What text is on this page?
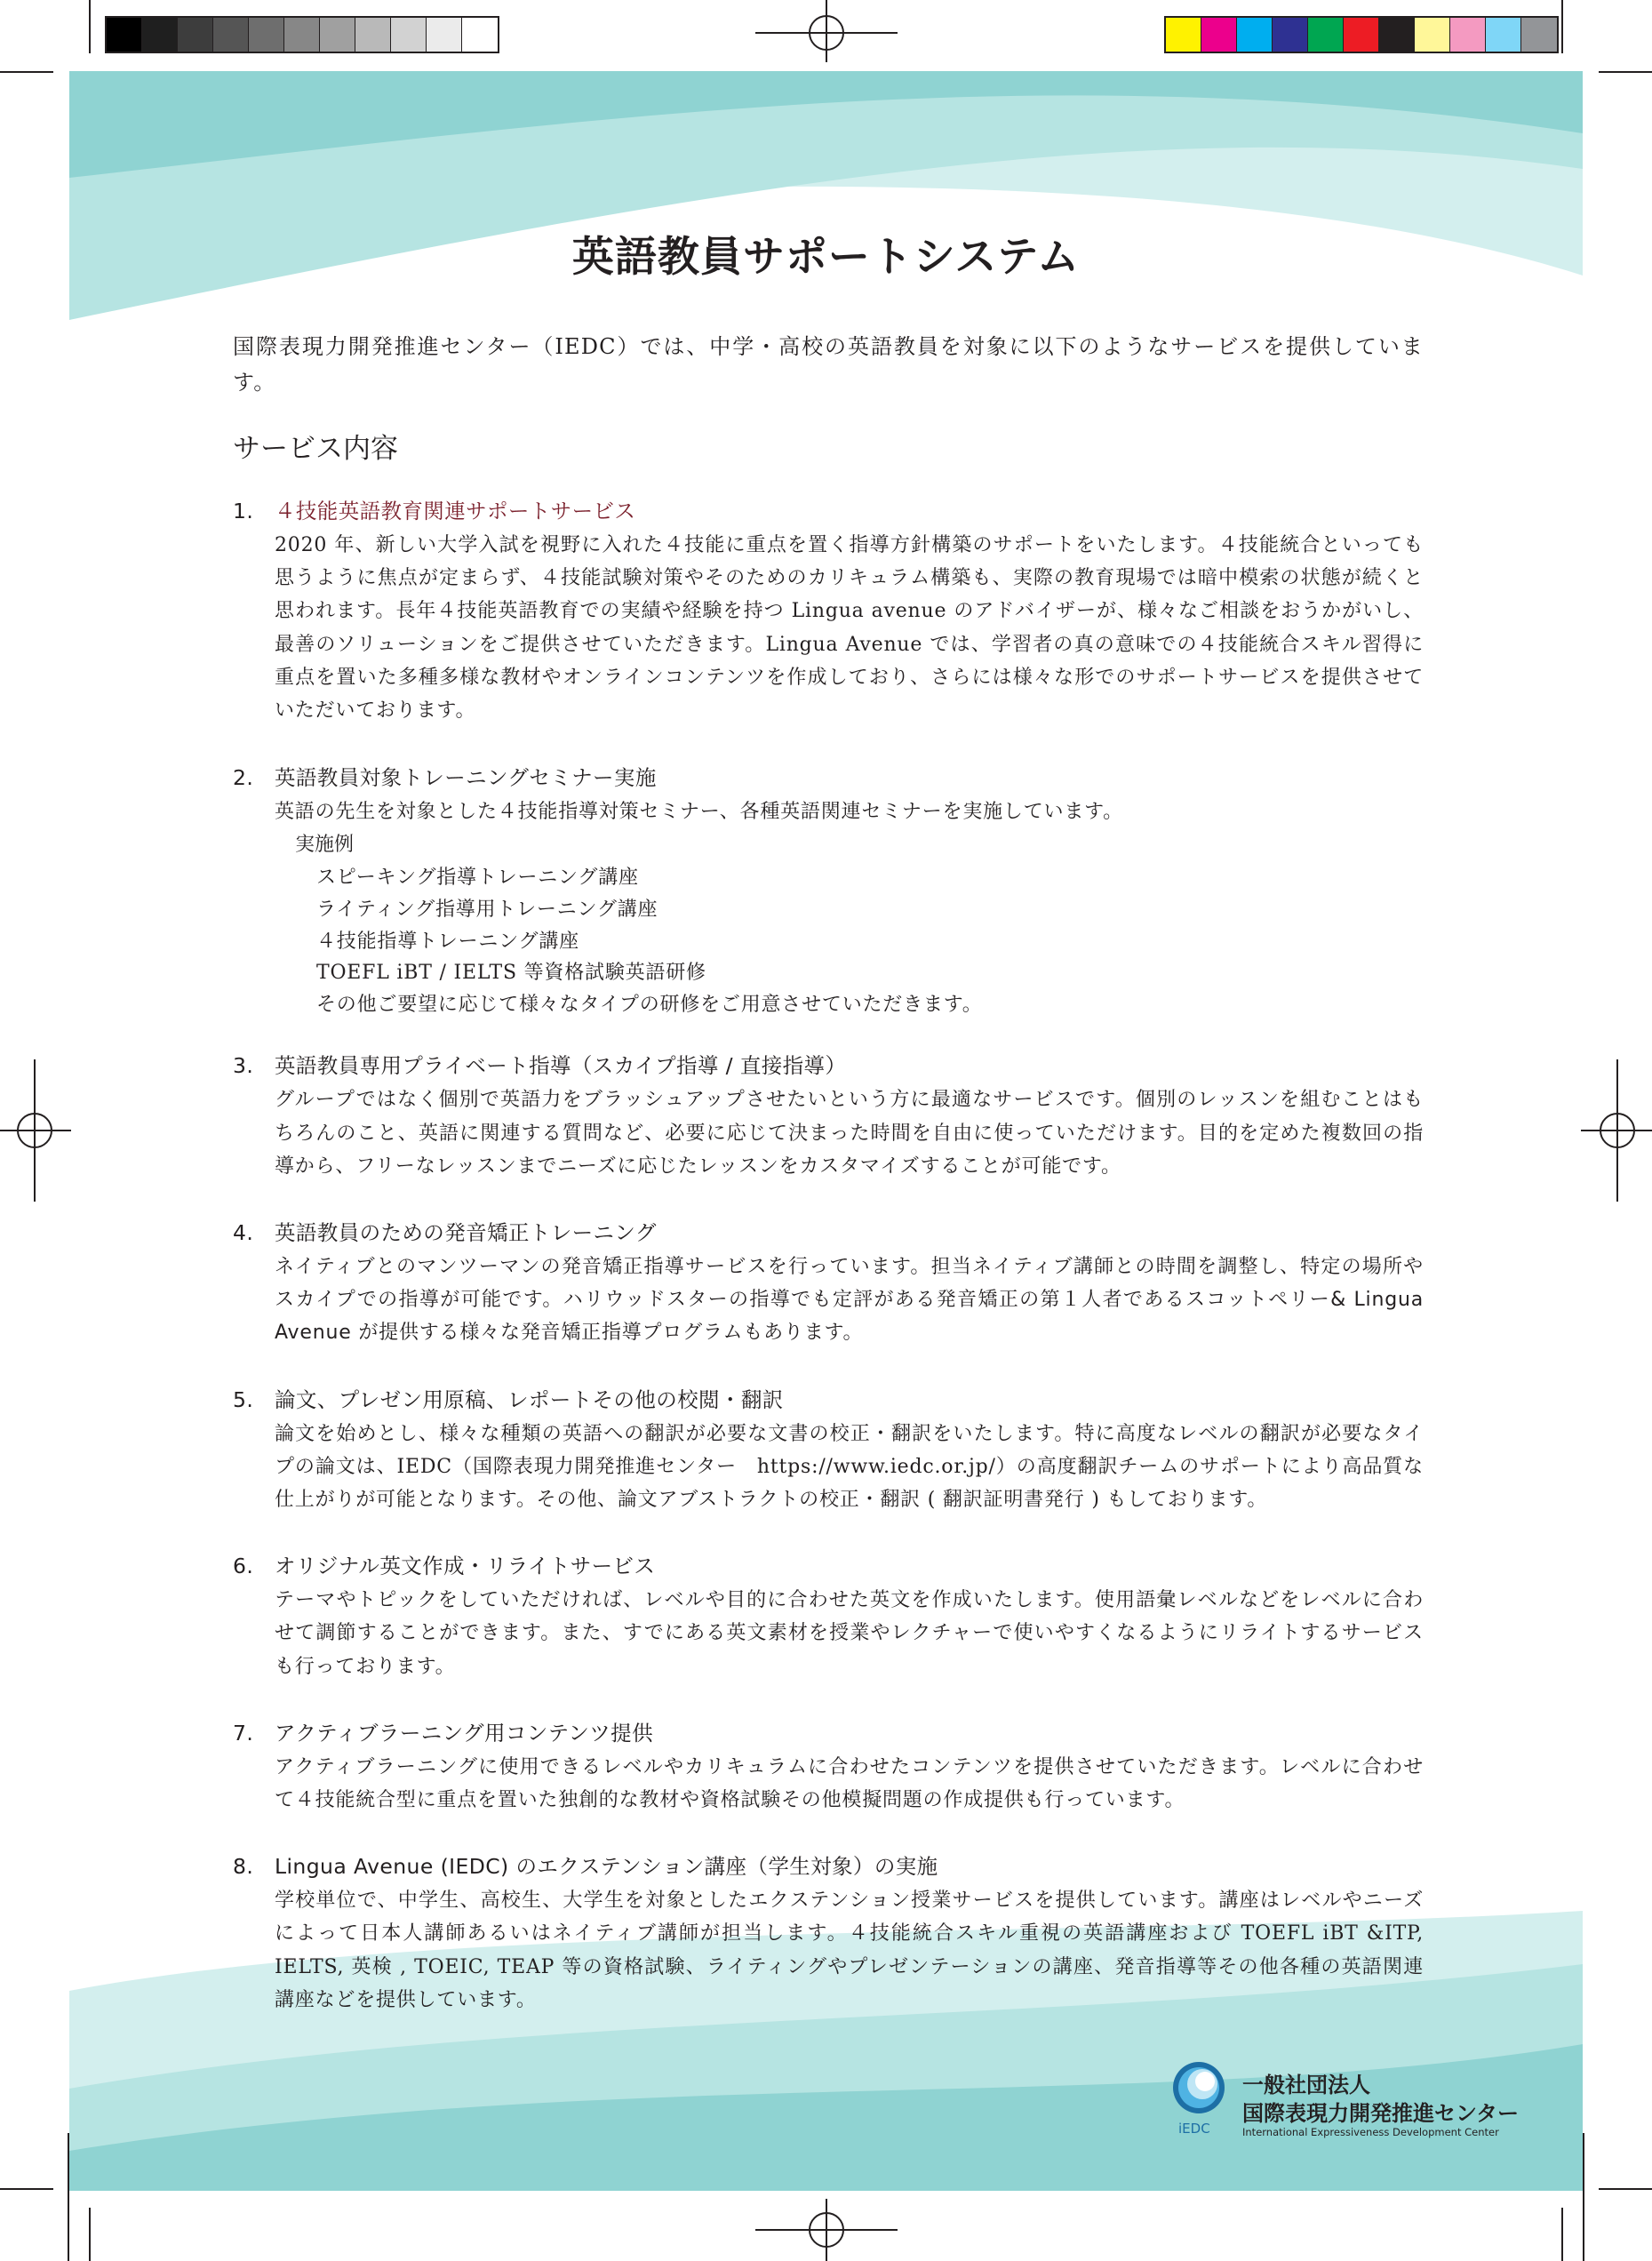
英語教員サポートシステム

国際表現力開発推進センター（IEDC）では、中学・高校の英語教員を対象に以下のようなサービスを提供しています。

サービス内容
1.	４技能英語教育関連サポートサービス

2020 年、新しい大学入試を視野に入れた４技能に重点を置く指導方針構築のサポートをいたします。４技能統合といっても思うように焦点が定まらず、４技能試験対策やそのためのカリキュラム構築も、実際の教育現場では暗中模索の状態が続くと思われます。長年４技能英語教育での実績や経験を持つ Lingua avenue のアドバイザーが、様々なご相談をおうかがいし、最善のソリューションをご提供させていただきます。Lingua Avenue では、学習者の真の意味での４技能統合スキル習得に重点を置いた多種多様な教材やオンラインコンテンツを作成しており、さらには様々な形でのサポートサービスを提供させていただいております。

2.	英語教員対象トレーニングセミナー実施

英語の先生を対象とした４技能指導対策セミナー、各種英語関連セミナーを実施しています。

実施例
スピーキング指導トレーニング講座
ライティング指導用トレーニング講座
４技能指導トレーニング講座
TOEFL iBT / IELTS 等資格試験英語研修
その他ご要望に応じて様々なタイプの研修をご用意させていただきます。
3.	英語教員専用プライベート指導（スカイプ指導 / 直接指導）

グループではなく個別で英語力をブラッシュアップさせたいという方に最適なサービスです。個別のレッスンを組むことはもちろんのこと、英語に関連する質問など、必要に応じて決まった時間を自由に使っていただけます。目的を定めた複数回の指導から、フリーなレッスンまでニーズに応じたレッスンをカスタマイズすることが可能です。

4.	英語教員のための発音矯正トレーニング

ネイティブとのマンツーマンの発音矯正指導サービスを行っています。担当ネイティブ講師との時間を調整し、特定の場所やスカイプでの指導が可能です。ハリウッドスターの指導でも定評がある発音矯正の第１人者であるスコットペリー& Lingua Avenue が提供する様々な発音矯正指導プログラムもあります。

5.	論文、プレゼン用原稿、レポートその他の校閲・翻訳

論文を始めとし、様々な種類の英語への翻訳が必要な文書の校正・翻訳をいたします。特に高度なレベルの翻訳が必要なタイプの論文は、IEDC（国際表現力開発推進センター　https://www.iedc.or.jp/）の高度翻訳チームのサポートにより高品質な仕上がりが可能となります。その他、論文アブストラクトの校正・翻訳 ( 翻訳証明書発行 ) もしております。

6.	オリジナル英文作成・リライトサービス

テーマやトピックをしていただければ、レベルや目的に合わせた英文を作成いたします。使用語彙レベルなどをレベルに合わせて調節することができます。また、すでにある英文素材を授業やレクチャーで使いやすくなるようにリライトするサービスも行っております。

7.	アクティブラーニング用コンテンツ提供

アクティブラーニングに使用できるレベルやカリキュラムに合わせたコンテンツを提供させていただきます。レベルに合わせて４技能統合型に重点を置いた独創的な教材や資格試験その他模擬問題の作成提供も行っています。

8.	Lingua Avenue (IEDC) のエクステンション講座（学生対象）の実施

学校単位で、中学生、高校生、大学生を対象としたエクステンション授業サービスを提供しています。講座はレベルやニーズによって日本人講師あるいはネイティブ講師が担当します。４技能統合スキル重視の英語講座および TOEFL iBT &ITP, IELTS, 英検 , TOEIC, TEAP 等の資格試験、ライティングやプレゼンテーションの講座、発音指導等その他各種の英語関連講座などを提供しています。

iEDC
一般社団法人
国際表現力開発推進センター
International Expressiveness Development Center
